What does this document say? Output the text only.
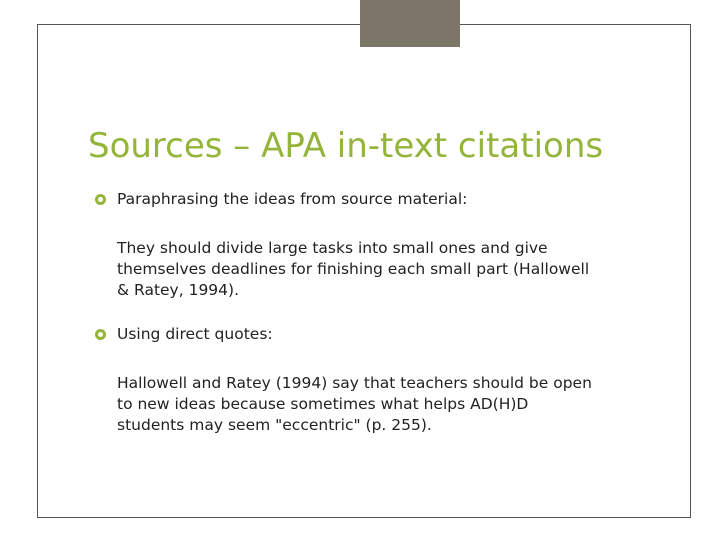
Sources – APA in-text citations
Paraphrasing the ideas from source material:
They should divide large tasks into small ones and give
themselves deadlines for finishing each small part (Hallowell
& Ratey, 1994).
Using direct quotes:
Hallowell and Ratey (1994) say that teachers should be open
to new ideas because sometimes what helps AD(H)D
students may seem "eccentric" (p. 255).
